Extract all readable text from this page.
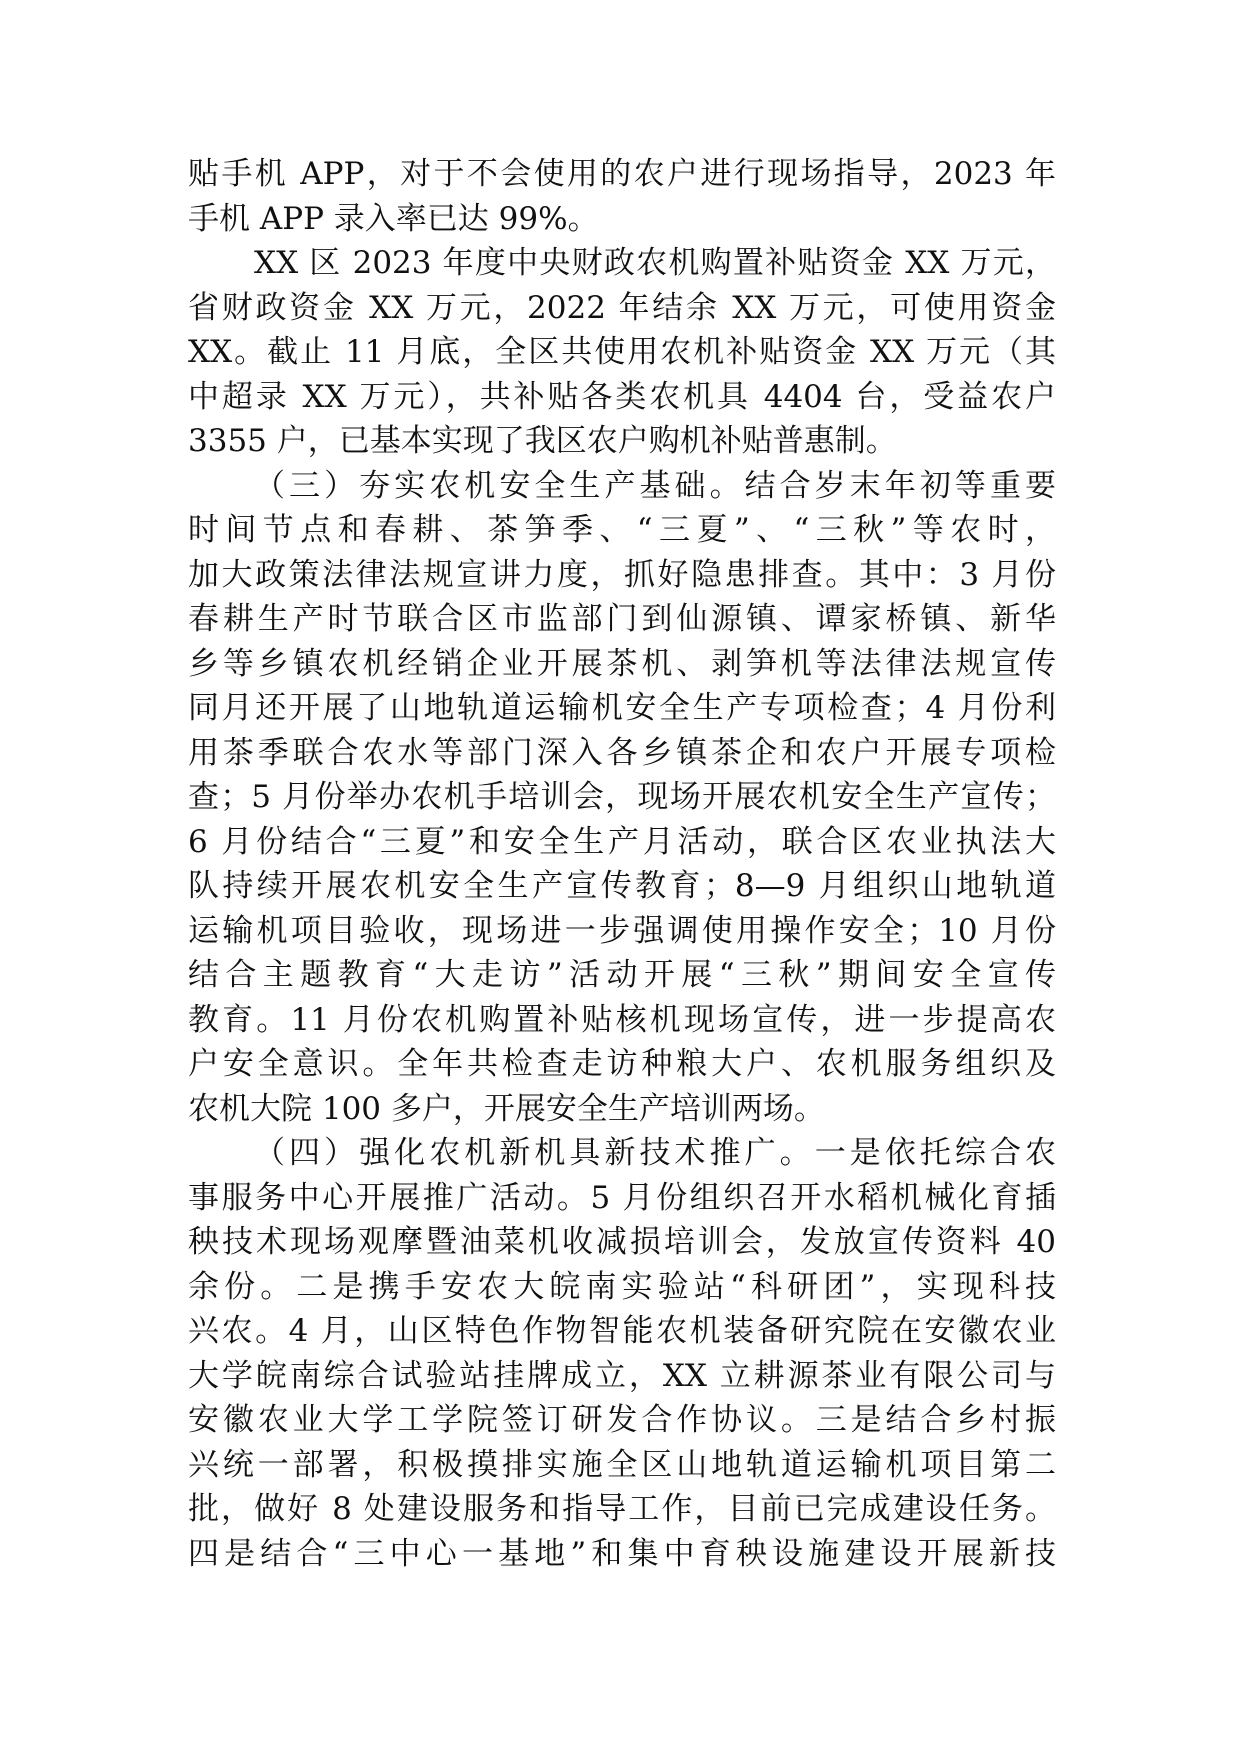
贴手机 APP，对于不会使用的农户进行现场指导，2023 年
手机 APP 录入率已达 99%。
XX 区 2023 年度中央财政农机购置补贴资金 XX 万元，
省财政资金 XX 万元，2022 年结余 XX 万元，可使用资金
XX。截止 11 月底，全区共使用农机补贴资金 XX 万元（其
中超录 XX 万元），共补贴各类农机具 4404 台，受益农户
3355 户，已基本实现了我区农户购机补贴普惠制。
（三）夯实农机安全生产基础。结合岁末年初等重要
时间节点和春耕、茶笋季、“三夏”、“三秋”等农时，
加大政策法律法规宣讲力度，抓好隐患排查。其中：3 月份
春耕生产时节联合区市监部门到仙源镇、谭家桥镇、新华
乡等乡镇农机经销企业开展茶机、剥笋机等法律法规宣传
同月还开展了山地轨道运输机安全生产专项检查；4 月份利
用茶季联合农水等部门深入各乡镇茶企和农户开展专项检
查；5 月份举办农机手培训会，现场开展农机安全生产宣传；
6 月份结合“三夏”和安全生产月活动，联合区农业执法大
队持续开展农机安全生产宣传教育；8—9 月组织山地轨道
运输机项目验收，现场进一步强调使用操作安全；10 月份
结合主题教育“大走访”活动开展“三秋”期间安全宣传
教育。11 月份农机购置补贴核机现场宣传，进一步提高农
户安全意识。全年共检查走访种粮大户、农机服务组织及
农机大院 100 多户，开展安全生产培训两场。
（四）强化农机新机具新技术推广。一是依托综合农
事服务中心开展推广活动。5 月份组织召开水稻机械化育插
秧技术现场观摩暨油菜机收减损培训会，发放宣传资料 40
余份。二是携手安农大皖南实验站“科研团”，实现科技
兴农。4 月，山区特色作物智能农机装备研究院在安徽农业
大学皖南综合试验站挂牌成立，XX 立耕源茶业有限公司与
安徽农业大学工学院签订研发合作协议。三是结合乡村振
兴统一部署，积极摸排实施全区山地轨道运输机项目第二
批，做好 8 处建设服务和指导工作，目前已完成建设任务。
四是结合“三中心一基地”和集中育秧设施建设开展新技
